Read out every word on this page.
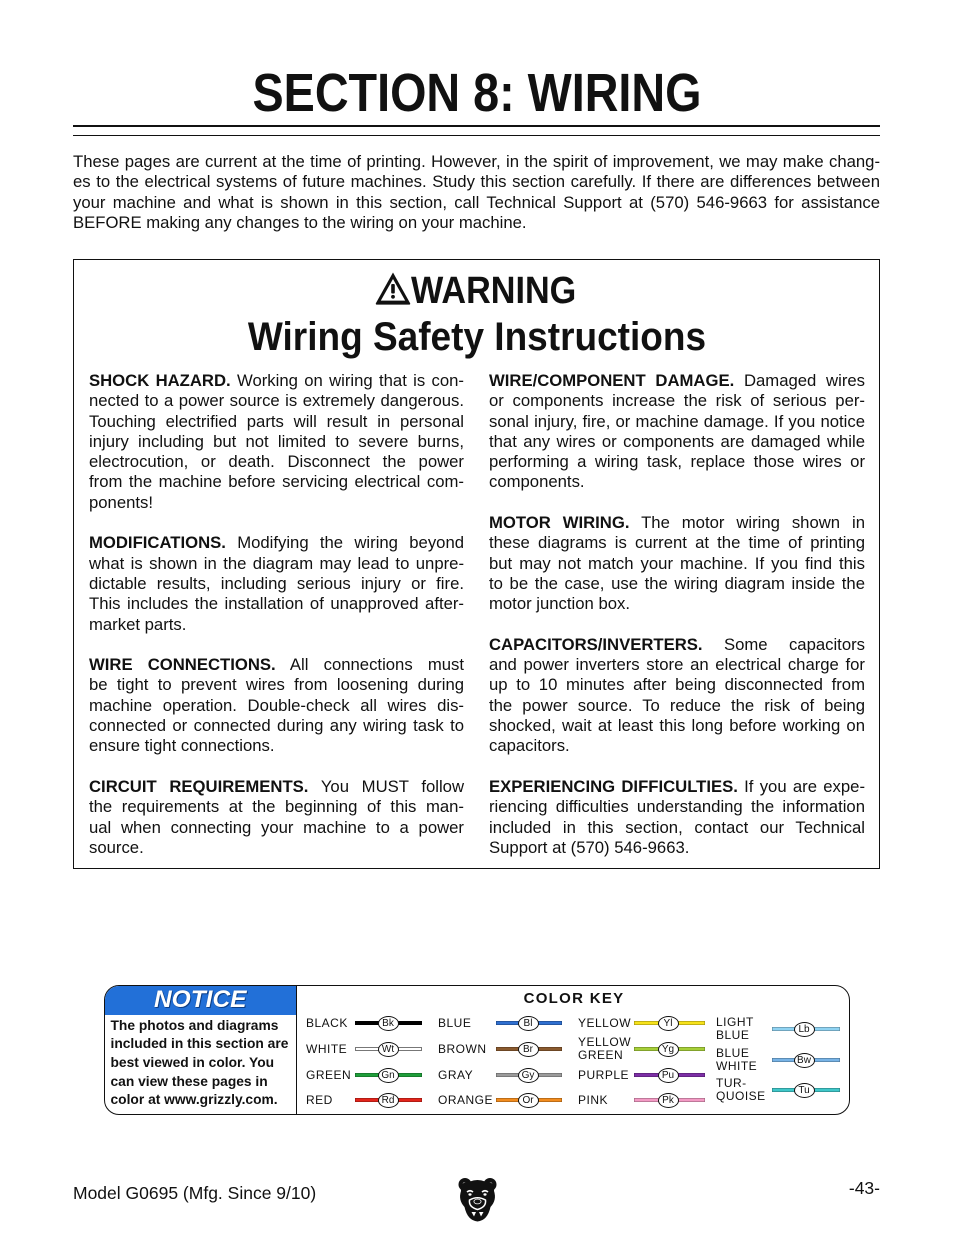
SECTION 8: WIRING
These pages are current at the time of printing. However, in the spirit of improvement, we may make chang-
es to the electrical systems of future machines. Study this section carefully. If there are differences between
your machine and what is shown in this section, call Technical Support at (570) 546-9663 for assistance
BEFORE making any changes to the wiring on your machine.
WARNING
Wiring Safety Instructions
SHOCK HAZARD. Working on wiring that is con-
nected to a power source is extremely dangerous.
Touching electrified parts will result in personal
injury including but not limited to severe burns,
electrocution, or death. Disconnect the power
from the machine before servicing electrical com-
ponents!
MODIFICATIONS. Modifying the wiring beyond
what is shown in the diagram may lead to unpre-
dictable results, including serious injury or fire.
This includes the installation of unapproved after-
market parts.
WIRE CONNECTIONS. All connections must
be tight to prevent wires from loosening during
machine operation. Double-check all wires dis-
connected or connected during any wiring task to
ensure tight connections.
CIRCUIT REQUIREMENTS. You MUST follow
the requirements at the beginning of this man-
ual when connecting your machine to a power
source.
WIRE/COMPONENT DAMAGE. Damaged wires
or components increase the risk of serious per-
sonal injury, fire, or machine damage. If you notice
that any wires or components are damaged while
performing a wiring task, replace those wires or
components.
MOTOR WIRING. The motor wiring shown in
these diagrams is current at the time of printing
but may not match your machine. If you find this
to be the case, use the wiring diagram inside the
motor junction box.
CAPACITORS/INVERTERS. Some capacitors
and power inverters store an electrical charge for
up to 10 minutes after being disconnected from
the power source. To reduce the risk of being
shocked, wait at least this long before working on
capacitors.
EXPERIENCING DIFFICULTIES. If you are expe-
riencing difficulties understanding the information
included in this section, contact our Technical
Support at (570) 546-9663.
NOTICE
The photos and diagrams
included in this section are
best viewed in color. You
can view these pages in
color at www.grizzly.com.
COLOR KEY
BLACK	Bk
WHITE	Wt
GREEN	Gn
RED	Rd
BLUE	Bl
BROWN	Br
GRAY	Gy
ORANGE	Or
YELLOW	Yl
YELLOW
GREEN	Yg
PURPLE	Pu
PINK	Pk
LIGHT
BLUE	Lb
BLUE
WHITE	Bw
TUR-
QUOISE	Tu
Model G0695 (Mfg. Since 9/10)	-43-
